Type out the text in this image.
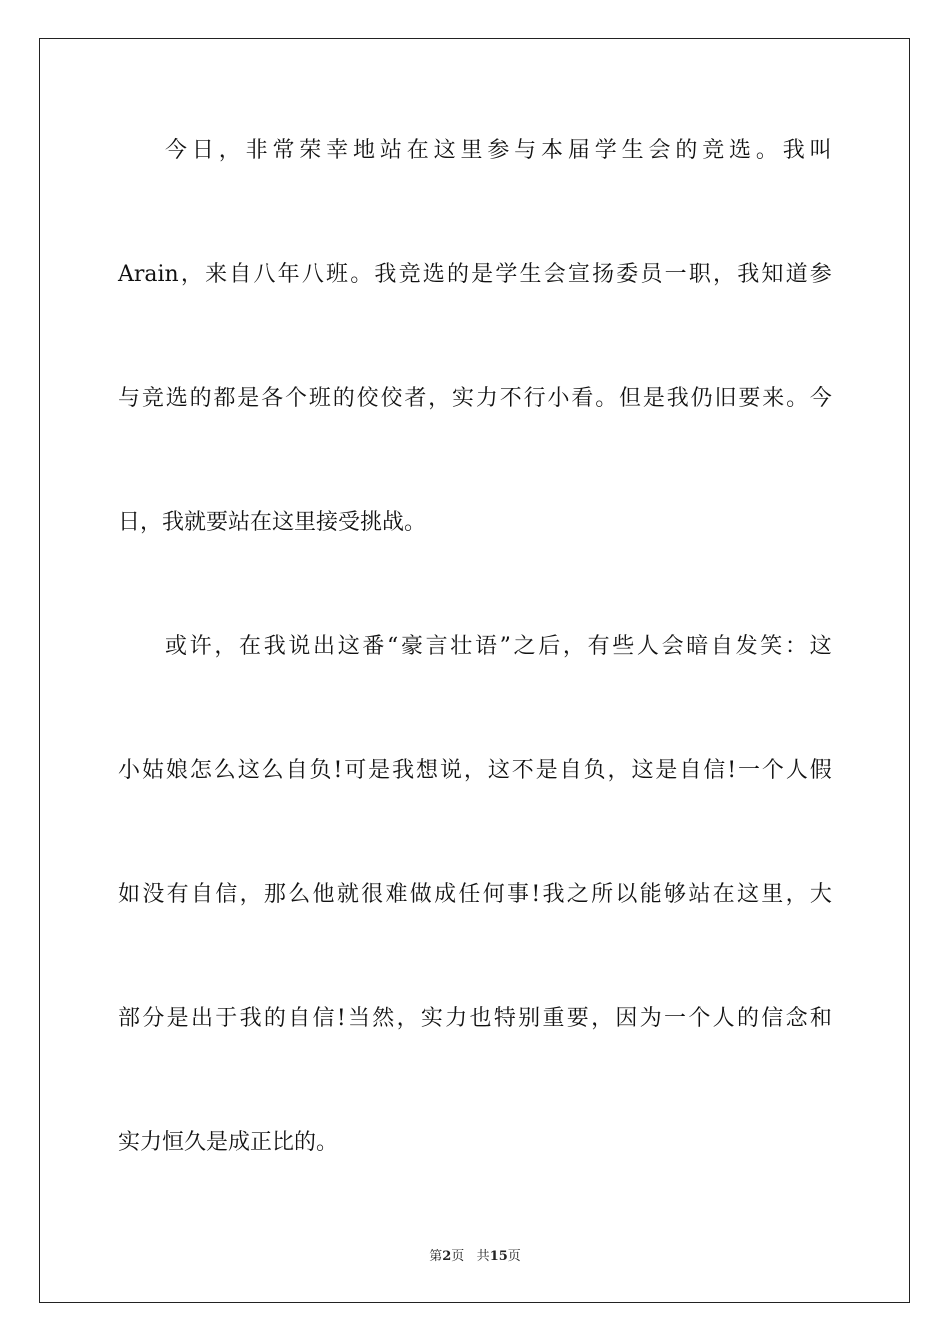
今 日 ， 非 常 荣 幸 地 站 在 这 里 参 与 本 届 学 生 会 的 竞 选 。 我 叫
Arain ， 来 自 八 年 八 班 。 我 竞 选 的 是 学 生 会 宣 扬 委 员 一 职 ， 我 知 道 参
与 竞 选 的 都 是 各 个 班 的 佼 佼 者 ， 实 力 不 行 小 看 。 但 是 我 仍 旧 要 来 。 今
日，我就要站在这里接受挑战。
或 许 ， 在 我 说 出 这 番 “ 豪 言 壮 语 ” 之 后 ， 有 些 人 会 暗 自 发 笑 ： 这
小 姑 娘 怎 么 这 么 自 负 ! 可 是 我 想 说 ， 这 不 是 自 负 ， 这 是 自 信 ! 一 个 人 假
如 没 有 自 信 ， 那 么 他 就 很 难 做 成 任 何 事 ! 我 之 所 以 能 够 站 在 这 里 ， 大
部 分 是 出 于 我 的 自 信 ! 当 然 ， 实 力 也 特 别 重 要 ， 因 为 一 个 人 的 信 念 和
实力恒久是成正比的。
第2页 共15页
